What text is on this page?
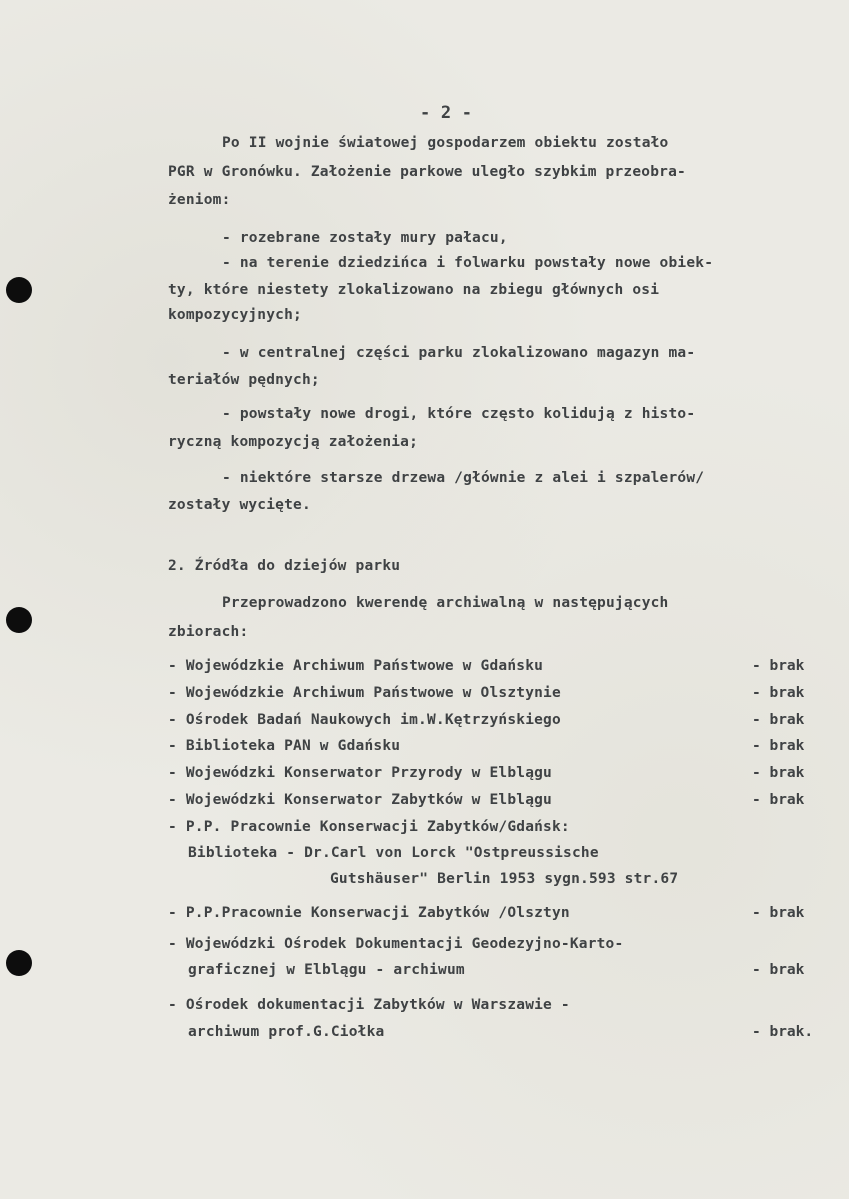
- 2 -
Po II wojnie światowej gospodarzem obiektu zostało
PGR w Gronówku. Założenie parkowe uległo szybkim przeobra-
żeniom:
- rozebrane zostały mury pałacu,
- na terenie dziedzińca i folwarku powstały nowe obiek-
ty, które niestety zlokalizowano na zbiegu głównych osi
kompozycyjnych;
- w centralnej części parku zlokalizowano magazyn ma-
teriałów pędnych;
- powstały nowe drogi, które często kolidują z histo-
ryczną kompozycją założenia;
- niektóre starsze drzewa /głównie z alei i szpalerów/
zostały wycięte.
2. Źródła do dziejów parku
Przeprowadzono kwerendę archiwalną w następujących
zbiorach:
- Wojewódzkie Archiwum Państwowe w Gdańsku	- brak
- Wojewódzkie Archiwum Państwowe w Olsztynie	- brak
- Ośrodek Badań Naukowych im.W.Kętrzyńskiego	- brak
- Biblioteka PAN w Gdańsku	- brak
- Wojewódzki Konserwator Przyrody w Elblągu	- brak
- Wojewódzki Konserwator Zabytków w Elblągu	- brak
- P.P. Pracownie Konserwacji Zabytków/Gdańsk:
Biblioteka - Dr.Carl von Lorck "Ostpreussische
Gutshäuser" Berlin 1953 sygn.593 str.67
- P.P.Pracownie Konserwacji Zabytków /Olsztyn	- brak
- Wojewódzki Ośrodek Dokumentacji Geodezyjno-Karto-
graficznej w Elblągu - archiwum	- brak
- Ośrodek dokumentacji Zabytków w Warszawie -
archiwum prof.G.Ciołka	- brak.
